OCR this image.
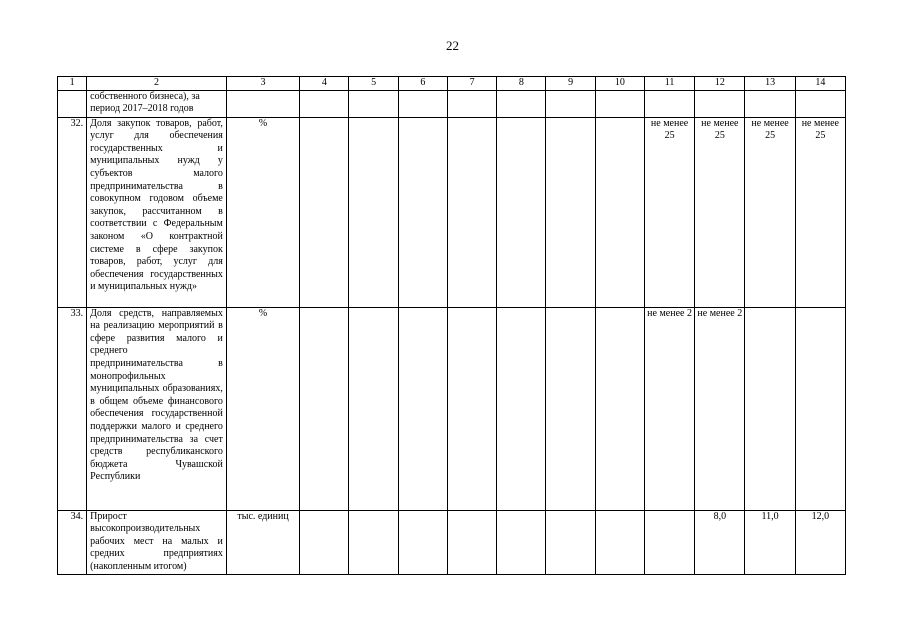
22
1	2	3	4	5	6	7	8	9	10	11	12	13	14
	собственного бизнеса), за период 2017–2018 годов												
32.	Доля закупок товаров, работ, услуг для обеспечения государственных и муниципальных нужд у субъектов малого предпринимательства в совокупном годовом объеме закупок, рассчитанном в соответствии с Федеральным законом «О контрактной системе в сфере закупок товаров, работ, услуг для обеспечения государственных и муниципальных нужд»	%								не менее 25	не менее 25	не менее 25	не менее 25
33.	Доля средств, направляемых на реализацию мероприятий в сфере развития малого и среднего предпринимательства в монопрофильных муниципальных образованиях, в общем объеме финансового обеспечения государственной поддержки малого и среднего предпринимательства за счет средств республиканского бюджета Чувашской Республики	%								не менее 2	не менее 2		
34.	Прирост высокопроизводительных рабочих мест на малых и средних предприятиях (накопленным итогом)	тыс. единиц									8,0	11,0	12,0
